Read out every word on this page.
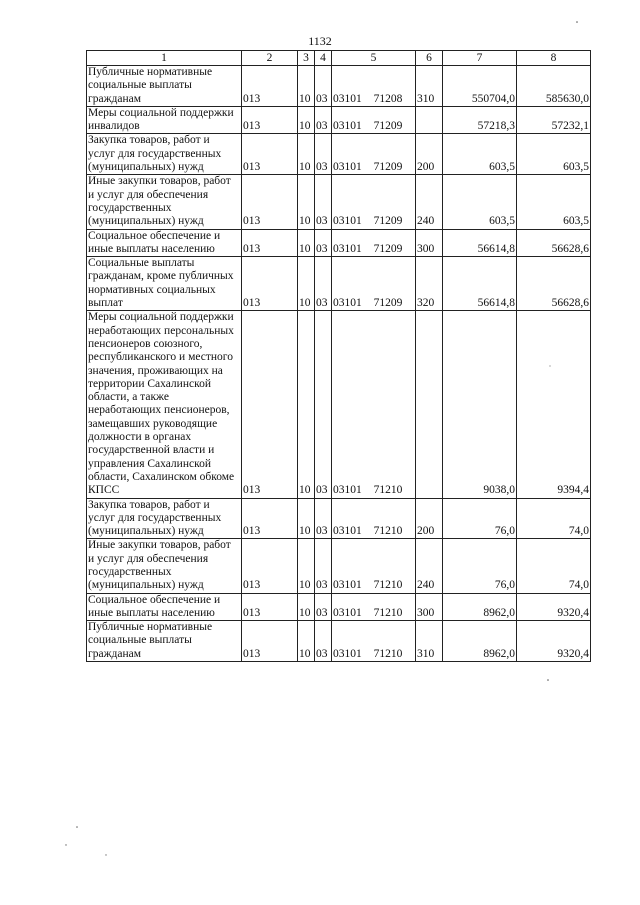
1132
1	2	3	4	5	6	7	8
Публичные нормативные социальные выплаты гражданам	013	10	03	03101 71208	310	550704,0	585630,0
Меры социальной поддержки инвалидов	013	10	03	03101 71209		57218,3	57232,1
Закупка товаров, работ и услуг для государственных (муниципальных) нужд	013	10	03	03101 71209	200	603,5	603,5
Иные закупки товаров, работ и услуг для обеспечения государственных (муниципальных) нужд	013	10	03	03101 71209	240	603,5	603,5
Социальное обеспечение и иные выплаты населению	013	10	03	03101 71209	300	56614,8	56628,6
Социальные выплаты гражданам, кроме публичных нормативных социальных выплат	013	10	03	03101 71209	320	56614,8	56628,6
Меры социальной поддержки неработающих персональных пенсионеров союзного, республиканского и местного значения, проживающих на территории Сахалинской области, а также неработающих пенсионеров, замещавших руководящие должности в органах государственной власти и управления Сахалинской области, Сахалинском обкоме КПСС	013	10	03	03101 71210		9038,0	9394,4
Закупка товаров, работ и услуг для государственных (муниципальных) нужд	013	10	03	03101 71210	200	76,0	74,0
Иные закупки товаров, работ и услуг для обеспечения государственных (муниципальных) нужд	013	10	03	03101 71210	240	76,0	74,0
Социальное обеспечение и иные выплаты населению	013	10	03	03101 71210	300	8962,0	9320,4
Публичные нормативные социальные выплаты гражданам	013	10	03	03101 71210	310	8962,0	9320,4
